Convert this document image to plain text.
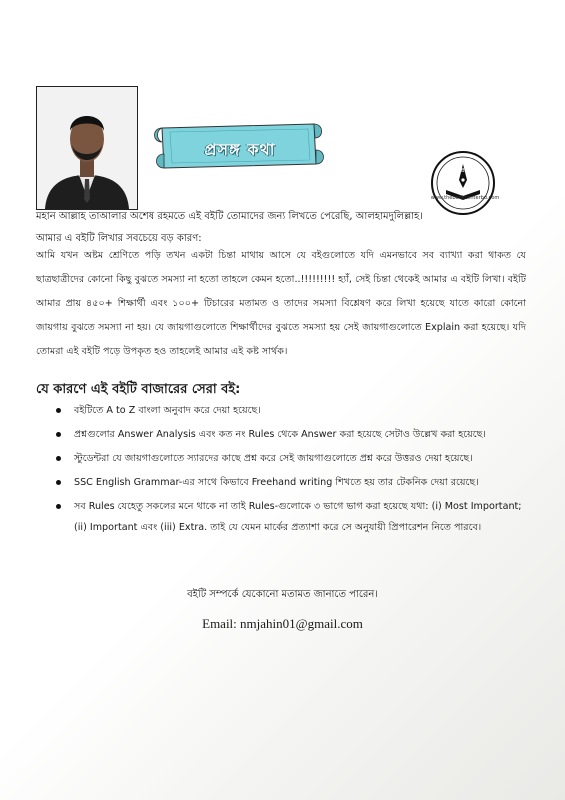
প্রসঙ্গ কথা
TBC
www.thebookcenterbd.com
মহান আল্লাহ তাআলার অশেষ রহমতে এই বইটি তোমাদের জন্য লিখতে পেরেছি, আলহামদুলিল্লাহ।
আমার এ বইটি লিখার সবচেয়ে বড় কারণ:
আমি যখন অষ্টম শ্রেণিতে পড়ি তখন একটা চিন্তা মাথায় আসে যে বইগুলোতে যদি এমনভাবে সব ব্যাখ্যা করা থাকত যে ছাত্রছাত্রীদের কোনো কিছু বুঝতে সমস্যা না হতো তাহলে কেমন হতো..!!!!!!!!! হ্যাঁ, সেই চিন্তা থেকেই আমার এ বইটি লিখা। বইটি আমার প্রায় ৪৫০+ শিক্ষার্থী এবং ১০০+ টিচারের মতামত ও তাদের সমস্যা বিশ্লেষণ করে লিখা হয়েছে যাতে কারো কোনো জায়গায় বুঝতে সমস্যা না হয়। যে জায়গাগুলোতে শিক্ষার্থীদের বুঝতে সমস্যা হয় সেই জায়গাগুলোতে Explain করা হয়েছে। যদি তোমরা এই বইটি পড়ে উপকৃত হও তাহলেই আমার এই কষ্ট সার্থক।
যে কারণে এই বইটি বাজারের সেরা বই:
বইটিতে A to Z বাংলা অনুবাদ করে দেয়া হয়েছে।
প্রশ্নগুলোর Answer Analysis এবং কত নং Rules থেকে Answer করা হয়েছে সেটাও উল্লেখ করা হয়েছে।
স্টুডেন্টরা যে জায়গাগুলোতে স্যারদের কাছে প্রশ্ন করে সেই জায়গাগুলোতে প্রশ্ন করে উত্তরও দেয়া হয়েছে।
SSC English Grammar-এর সাথে কিভাবে Freehand writing শিখতে হয় তার টেকনিক দেয়া রয়েছে।
সব Rules যেহেতু সকলের মনে থাকে না তাই Rules-গুলোকে ৩ ভাগে ভাগ করা হয়েছে যথা: (i) Most Important; (ii) Important এবং (iii) Extra. তাই যে যেমন মার্কের প্রত্যাশা করে সে অনুযায়ী প্রিপারেশন নিতে পারবে।
বইটি সম্পর্কে যেকোনো মতামত জানাতে পারেন।
Email: nmjahin01@gmail.com
